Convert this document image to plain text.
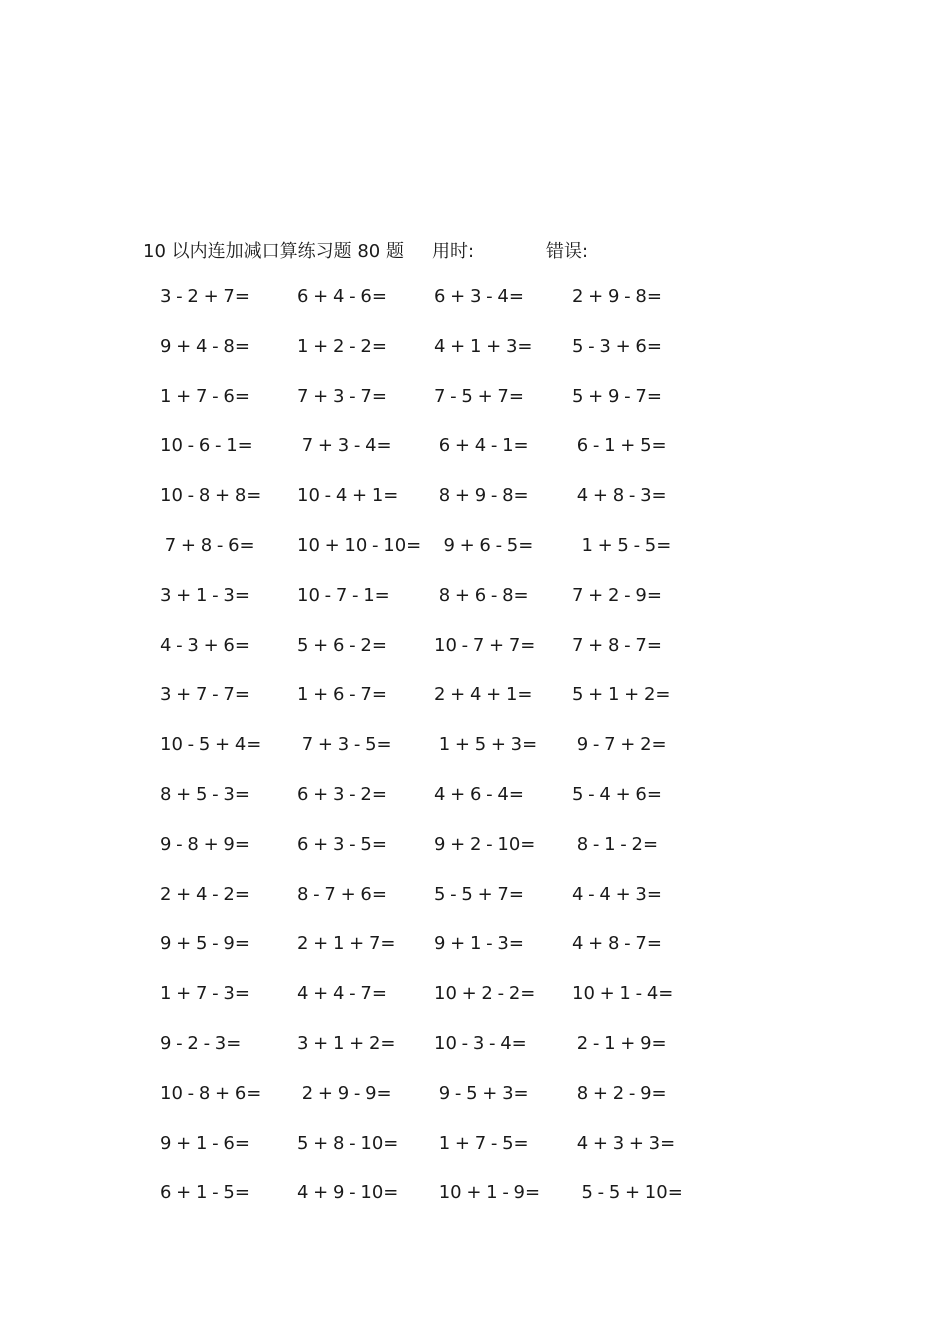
10 以内连加减口算练习题 80 题 用时:	错误:
3 - 2 + 7=	6 + 4 - 6=	6 + 3 - 4=	2 + 9 - 8=
9 + 4 - 8=	1 + 2 - 2=	4 + 1 + 3= 5 - 3 + 6=
1 + 7 - 6=	7 + 3 - 7=	7 - 5 + 7=	5 + 9 - 7=
10 - 6 - 1= 7 + 3 - 4= 6 + 4 - 1= 6 - 1 + 5=
10 - 8 + 8= 10 - 4 + 1= 8 + 9 - 8= 4 + 8 - 3=
7 + 8 - 6= 10 + 10 - 10= 9 + 6 - 5= 1 + 5 - 5=
3 + 1 - 3=	10 - 7 - 1= 8 + 6 - 8= 7 + 2 - 9=
4 - 3 + 6=	5 + 6 - 2=	10 - 7 + 7= 7 + 8 - 7=
3 + 7 - 7=	1 + 6 - 7=	2 + 4 + 1= 5 + 1 + 2=
10 - 5 + 4= 7 + 3 - 5= 1 + 5 + 3= 9 - 7 + 2=
8 + 5 - 3=	6 + 3 - 2=	4 + 6 - 4=	5 - 4 + 6=
9 - 8 + 9=	6 + 3 - 5=	9 + 2 - 10= 8 - 1 - 2=
2 + 4 - 2=	8 - 7 + 6=	5 - 5 + 7=	4 - 4 + 3=
9 + 5 - 9=	2 + 1 + 7= 9 + 1 - 3=	4 + 8 - 7=
1 + 7 - 3=	4 + 4 - 7=	10 + 2 - 2= 10 + 1 - 4=
9 - 2 - 3=	3 + 1 + 2= 10 - 3 - 4=	2 - 1 + 9=
10 - 8 + 6= 2 + 9 - 9= 9 - 5 + 3= 8 + 2 - 9=
9 + 1 - 6=	5 + 8 - 10= 1 + 7 - 5= 4 + 3 + 3=
6 + 1 - 5=	4 + 9 - 10= 10 + 1 - 9= 5 - 5 + 10=
